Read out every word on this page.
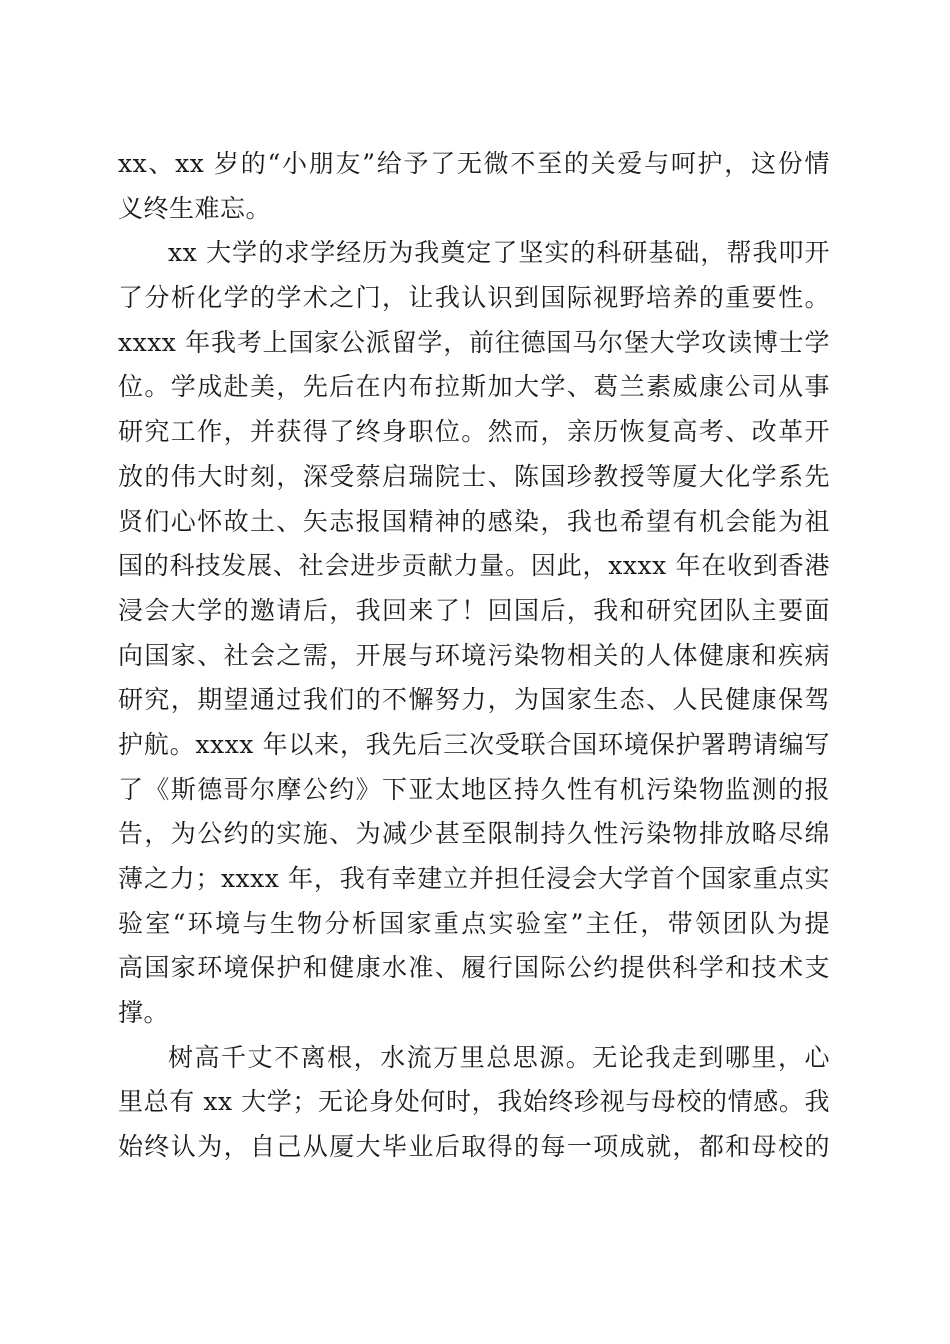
xx、xx 岁的“小朋友”给予了无微不至的关爱与呵护，这份情
义终生难忘。
xx 大学的求学经历为我奠定了坚实的科研基础，帮我叩开
了分析化学的学术之门，让我认识到国际视野培养的重要性。
xxxx 年我考上国家公派留学，前往德国马尔堡大学攻读博士学
位。学成赴美，先后在内布拉斯加大学、葛兰素威康公司从事
研究工作，并获得了终身职位。然而，亲历恢复高考、改革开
放的伟大时刻，深受蔡启瑞院士、陈国珍教授等厦大化学系先
贤们心怀故土、矢志报国精神的感染，我也希望有机会能为祖
国的科技发展、社会进步贡献力量。因此，xxxx 年在收到香港
浸会大学的邀请后，我回来了！回国后，我和研究团队主要面
向国家、社会之需，开展与环境污染物相关的人体健康和疾病
研究，期望通过我们的不懈努力，为国家生态、人民健康保驾
护航。xxxx 年以来，我先后三次受联合国环境保护署聘请编写
了《斯德哥尔摩公约》下亚太地区持久性有机污染物监测的报
告，为公约的实施、为减少甚至限制持久性污染物排放略尽绵
薄之力；xxxx 年，我有幸建立并担任浸会大学首个国家重点实
验室“环境与生物分析国家重点实验室”主任，带领团队为提
高国家环境保护和健康水准、履行国际公约提供科学和技术支
撑。
树高千丈不离根，水流万里总思源。无论我走到哪里，心
里总有 xx 大学；无论身处何时，我始终珍视与母校的情感。我
始终认为，自己从厦大毕业后取得的每一项成就，都和母校的
